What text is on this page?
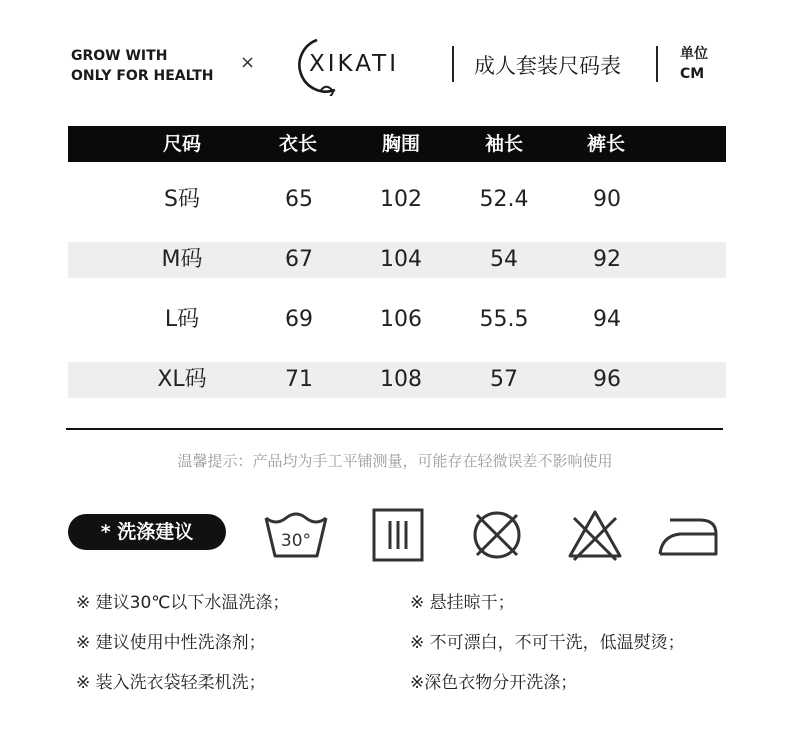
GROW WITH
ONLY FOR HEALTH
× XIKATI	成人套装尺码表	单位
CM
尺码	衣长	胸围	袖长	裤长
S码	65	102	52.4	90
M码	67	104	54	92
L码	69	106	55.5	94
XL码	71	108	57	96
温馨提示：产品均为手工平铺测量，可能存在轻微误差不影响使用
* 洗涤建议	30°
※ 建议30℃以下水温洗涤；
※ 建议使用中性洗涤剂；
※ 装入洗衣袋轻柔机洗；
※ 悬挂晾干；
※ 不可漂白，不可干洗，低温熨烫；
※深色衣物分开洗涤；
